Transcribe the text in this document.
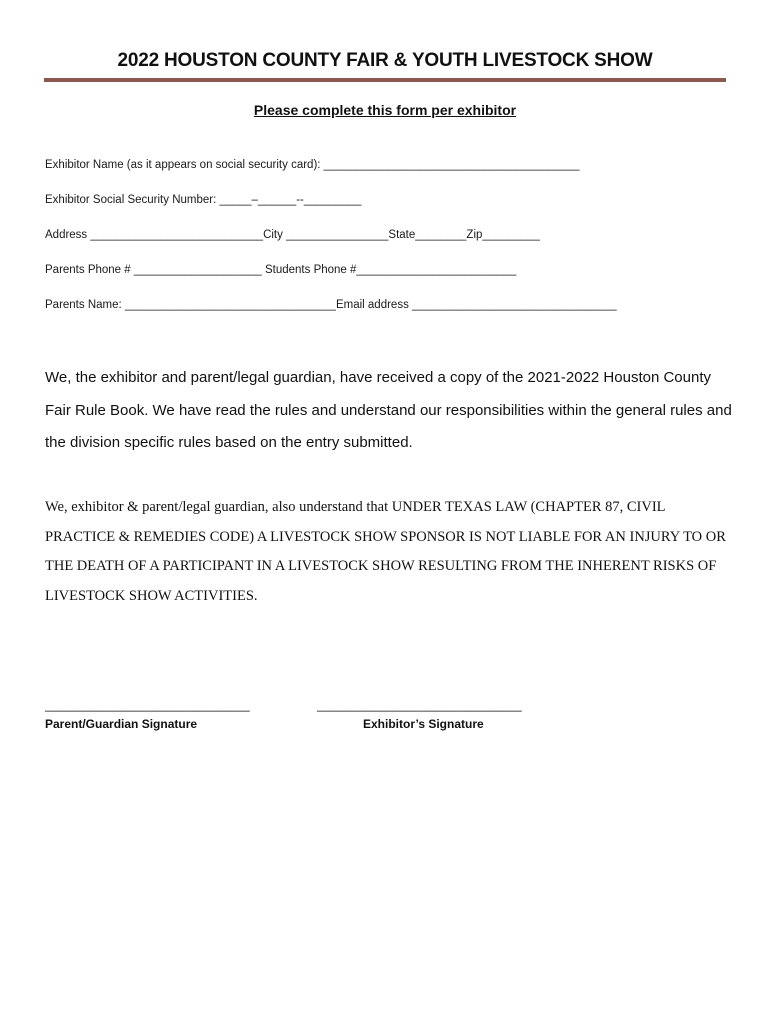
2022 HOUSTON COUNTY FAIR & YOUTH LIVESTOCK SHOW
Please complete this form per exhibitor
Exhibitor Name (as it appears on social security card): ________________________________________
Exhibitor Social Security Number: _____–______--_________
Address ___________________________City ________________State________Zip_________
Parents Phone # ____________________ Students Phone #_________________________
Parents Name: _________________________________Email address ________________________________

We, the exhibitor and parent/legal guardian, have received a copy of the 2021-2022 Houston County Fair Rule Book. We have read the rules and understand our responsibilities within the general rules and the division specific rules based on the entry submitted.

We, exhibitor & parent/legal guardian, also understand that UNDER TEXAS LAW (CHAPTER 87, CIVIL PRACTICE & REMEDIES CODE) A LIVESTOCK SHOW SPONSOR IS NOT LIABLE FOR AN INJURY TO OR THE DEATH OF A PARTICIPANT IN A LIVESTOCK SHOW RESULTING FROM THE INHERENT RISKS OF LIVESTOCK SHOW ACTIVITIES.

________________________________
Parent/Guardian Signature
________________________________
Exhibitor’s Signature
